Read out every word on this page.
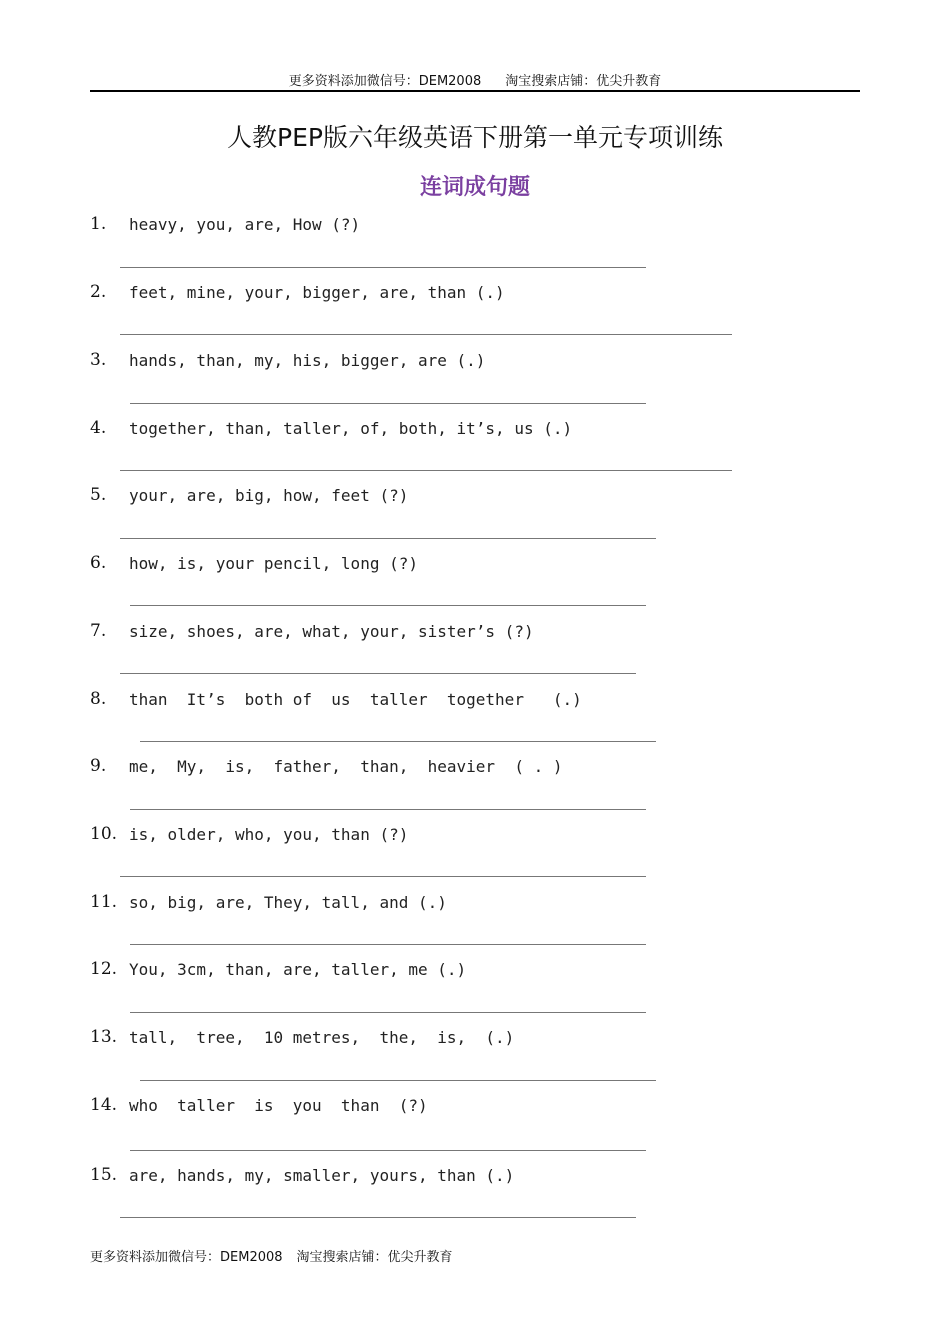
更多资料添加微信号：DEM2008 淘宝搜索店铺：优尖升教育
人教PEP版六年级英语下册第一单元专项训练
连词成句题
1. heavy, you, are, How (?)
2. feet, mine, your, bigger, are, than (.)
3. hands, than, my, his, bigger, are (.)
4. together, than, taller, of, both, it’s, us (.)
5. your, are, big, how, feet (?)
6. how, is, your pencil, long (?)
7. size, shoes, are, what, your, sister’s (?)
8. than  It’s  both of  us  taller  together   (.)
9. me,  My,  is,  father,  than,  heavier  ( . )
10. is, older, who, you, than (?)
11. so, big, are, They, tall, and (.)
12. You, 3cm, than, are, taller, me (.)
13. tall,  tree,  10 metres,  the,  is,  (.)
14. who  taller  is  you  than  (?)
15. are, hands, my, smaller, yours, than (.)
更多资料添加微信号：DEM2008 淘宝搜索店铺：优尖升教育
